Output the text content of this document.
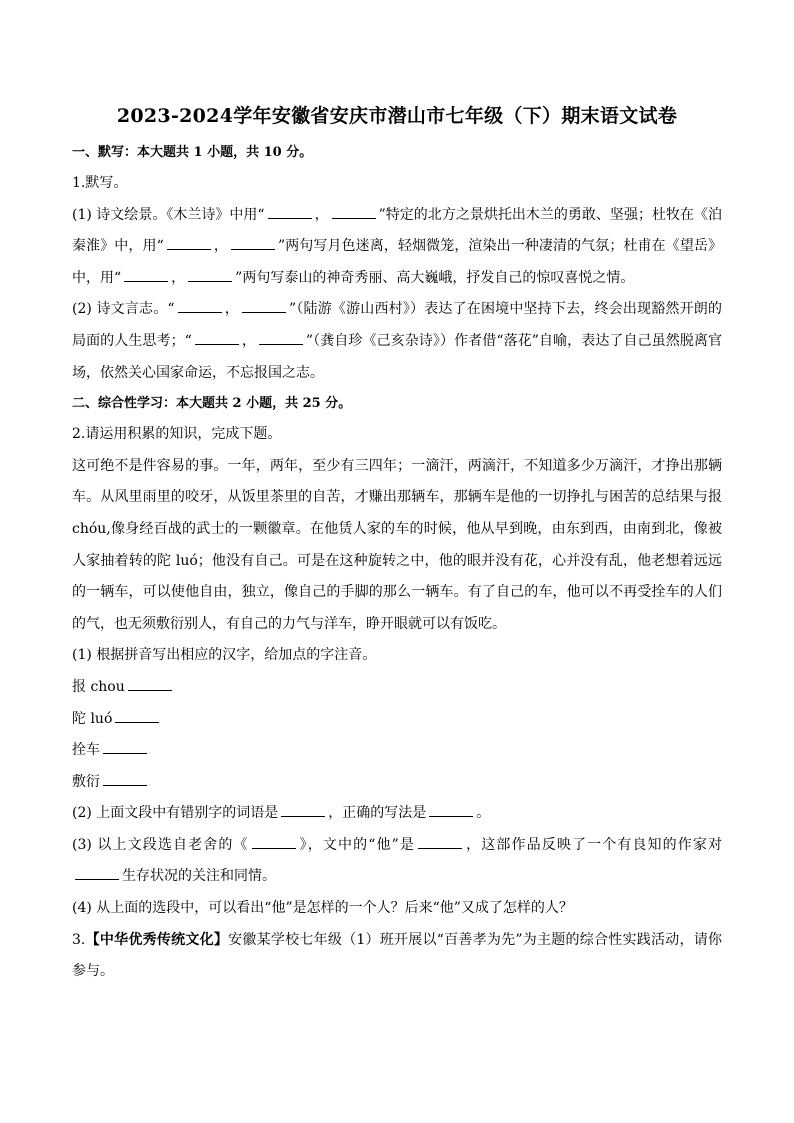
2023-2024学年安徽省安庆市潜山市七年级（下）期末语文试卷

一、默写：本大题共 1 小题，共 10 分。

1.默写。

(1) 诗文绘景。《木兰诗》中用“	，	”特定的北方之景烘托出木兰的勇敢、坚强；杜牧在《泊秦淮》中，用“	，	”两句写月色迷离，轻烟微笼，渲染出一种凄清的气氛；杜甫在《望岳》中，用“	，	”两句写泰山的神奇秀丽、高大巍峨，抒发自己的惊叹喜悦之情。

(2) 诗文言志。“	，	”（陆游《游山西村》）表达了在困境中坚持下去，终会出现豁然开朗的局面的人生思考；“	，	”（龚自珍《己亥杂诗》）作者借“落花”自喻，表达了自己虽然脱离官场，依然关心国家命运，不忘报国之志。

二、综合性学习：本大题共 2 小题，共 25 分。

2.请运用积累的知识，完成下题。

这可绝不是件容易的事。一年，两年，至少有三四年；一滴汗，两滴汗，不知道多少万滴汗，才挣出那辆车。从风里雨里的咬牙，从饭里茶里的自苦，才赚出那辆车，那辆车是他的一切挣扎与困苦的总结果与报chóu,像身经百战的武士的一颗徽章。在他赁人家的车的时候，他从早到晚，由东到西，由南到北，像被人家抽着转的陀 luó；他没有自己。可是在这种旋转之中，他的眼并没有花，心并没有乱，他老想着远远的一辆车，可以使他自由，独立，像自己的手脚的那么一辆车。有了自己的车，他可以不再受拴车的人们的气，也无须敷衍别人，有自己的力气与洋车，睁开眼就可以有饭吃。

(1) 根据拼音写出相应的汉字，给加点的字注音。

报 chou

陀 luó

拴车

敷衍

(2) 上面文段中有错别字的词语是	，正确的写法是	。

(3) 以上文段选自老舍的《	》，文中的“他”是	，这部作品反映了一个有良知的作家对生存状况的关注和同情。

(4) 从上面的选段中，可以看出“他”是怎样的一个人？后来“他”又成了怎样的人？

3.【中华优秀传统文化】安徽某学校七年级（1）班开展以“百善孝为先”为主题的综合性实践活动，请你参与。
